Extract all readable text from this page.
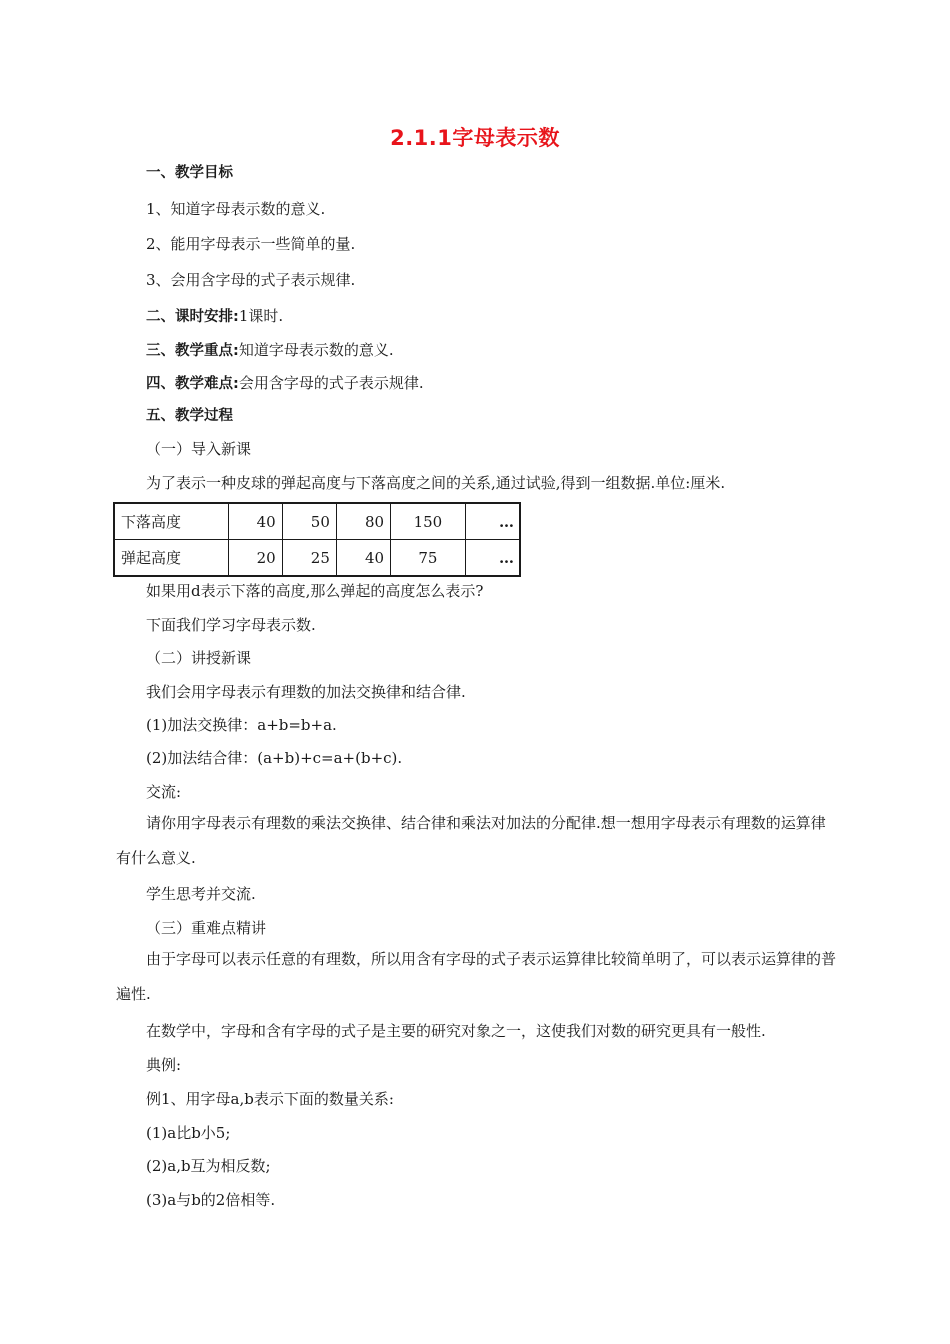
2.1.1字母表示数
一、教学目标
1、知道字母表示数的意义.
2、能用字母表示一些简单的量.
3、会用含字母的式子表示规律.
二、课时安排:1课时.
三、教学重点:知道字母表示数的意义.
四、教学难点:会用含字母的式子表示规律.
五、教学过程
（一）导入新课
为了表示一种皮球的弹起高度与下落高度之间的关系,通过试验,得到一组数据.单位:厘米.
下落高度	40	50	80	150	…
弹起高度	20	25	40	75	…
如果用d表示下落的高度,那么弹起的高度怎么表示?
下面我们学习字母表示数.
（二）讲授新课
我们会用字母表示有理数的加法交换律和结合律.
(1)加法交换律：a+b=b+a.
(2)加法结合律：(a+b)+c=a+(b+c).
交流:
请你用字母表示有理数的乘法交换律、结合律和乘法对加法的分配律.想一想用字母表示有理数的运算律有什么意义.
学生思考并交流.
（三）重难点精讲
由于字母可以表示任意的有理数，所以用含有字母的式子表示运算律比较简单明了，可以表示运算律的普遍性.
在数学中，字母和含有字母的式子是主要的研究对象之一，这使我们对数的研究更具有一般性.
典例:
例1、用字母a,b表示下面的数量关系:
(1)a比b小5;
(2)a,b互为相反数;
(3)a与b的2倍相等.
